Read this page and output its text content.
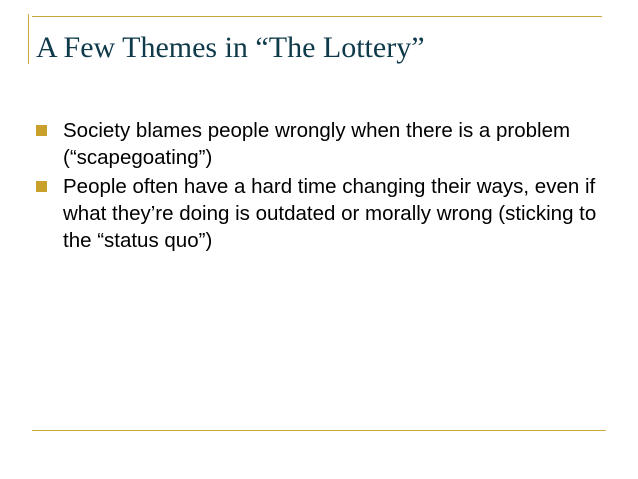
A Few Themes in “The Lottery”
Society blames people wrongly when there is a problem (“scapegoating”)
People often have a hard time changing their ways, even if what they’re doing is outdated or morally wrong (sticking to the “status quo”)
